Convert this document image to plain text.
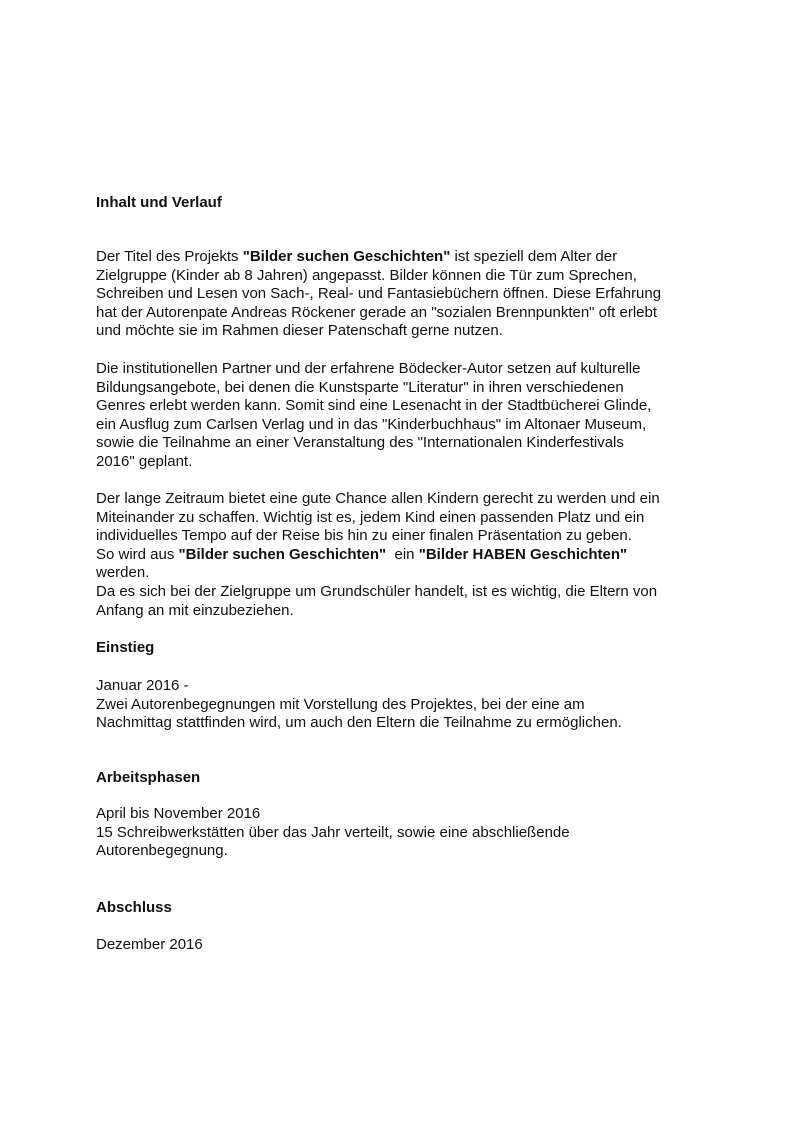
Inhalt und Verlauf
Der Titel des Projekts "Bilder suchen Geschichten" ist speziell dem Alter der
Zielgruppe (Kinder ab 8 Jahren) angepasst. Bilder können die Tür zum Sprechen,
Schreiben und Lesen von Sach-, Real- und Fantasiebüchern öffnen. Diese Erfahrung
hat der Autorenpate Andreas Röckener gerade an "sozialen Brennpunkten" oft erlebt
und möchte sie im Rahmen dieser Patenschaft gerne nutzen.
Die institutionellen Partner und der erfahrene Bödecker-Autor setzen auf kulturelle
Bildungsangebote, bei denen die Kunstsparte "Literatur" in ihren verschiedenen
Genres erlebt werden kann. Somit sind eine Lesenacht in der Stadtbücherei Glinde,
ein Ausflug zum Carlsen Verlag und in das "Kinderbuchhaus" im Altonaer Museum,
sowie die Teilnahme an einer Veranstaltung des "Internationalen Kinderfestivals
2016" geplant.
Der lange Zeitraum bietet eine gute Chance allen Kindern gerecht zu werden und ein
Miteinander zu schaffen. Wichtig ist es, jedem Kind einen passenden Platz und ein
individuelles Tempo auf der Reise bis hin zu einer finalen Präsentation zu geben.
So wird aus "Bilder suchen Geschichten"  ein "Bilder HABEN Geschichten"
werden.
Da es sich bei der Zielgruppe um Grundschüler handelt, ist es wichtig, die Eltern von
Anfang an mit einzubeziehen.
Einstieg
Januar 2016 -
Zwei Autorenbegegnungen mit Vorstellung des Projektes, bei der eine am
Nachmittag stattfinden wird, um auch den Eltern die Teilnahme zu ermöglichen.
Arbeitsphasen
April bis November 2016
15 Schreibwerkstätten über das Jahr verteilt, sowie eine abschließende
Autorenbegegnung.
Abschluss
Dezember 2016
